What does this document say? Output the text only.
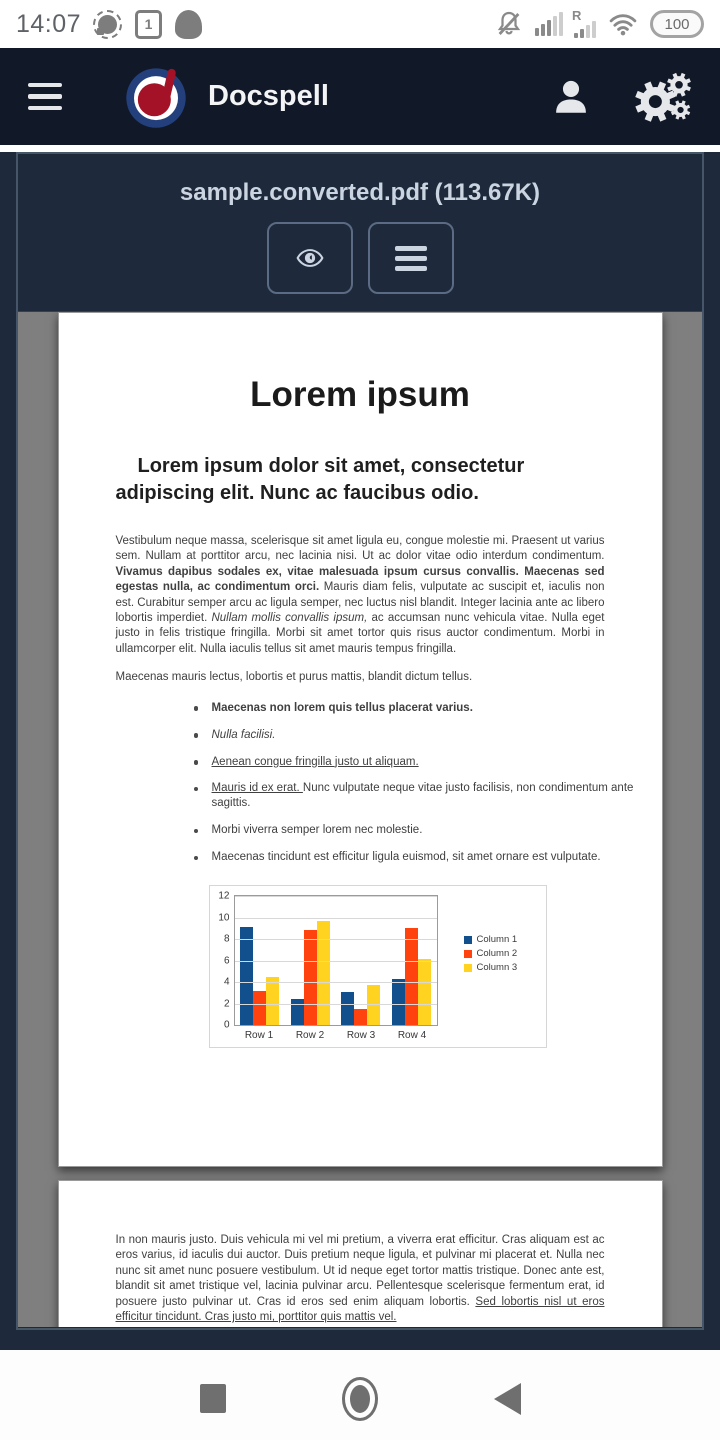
14:07	1
R
100
Docspell
sample.converted.pdf (113.67K)
Lorem ipsum
Lorem ipsum dolor sit amet, consectetur adipiscing elit. Nunc ac faucibus odio.

Vestibulum neque massa, scelerisque sit amet ligula eu, congue molestie mi. Praesent ut varius sem. Nullam at porttitor arcu, nec lacinia nisi. Ut ac dolor vitae odio interdum condimentum. Vivamus dapibus sodales ex, vitae malesuada ipsum cursus convallis. Maecenas sed egestas nulla, ac condimentum orci. Mauris diam felis, vulputate ac suscipit et, iaculis non est. Curabitur semper arcu ac ligula semper, nec luctus nisl blandit. Integer lacinia ante ac libero lobortis imperdiet. Nullam mollis convallis ipsum, ac accumsan nunc vehicula vitae. Nulla eget justo in felis tristique fringilla. Morbi sit amet tortor quis risus auctor condimentum. Morbi in ullamcorper elit. Nulla iaculis tellus sit amet mauris tempus fringilla.

Maecenas mauris lectus, lobortis et purus mattis, blandit dictum tellus.

Maecenas non lorem quis tellus placerat varius.
Nulla facilisi.
Aenean congue fringilla justo ut aliquam.
Mauris id ex erat. Nunc vulputate neque vitae justo facilisis, non condimentum ante sagittis.
Morbi viverra semper lorem nec molestie.
Maecenas tincidunt est efficitur ligula euismod, sit amet ornare est vulputate.
0
2
4
6
8
10
12
Row 1	Row 2	Row 3	Row 4
Column 1
Column 2
Column 3

In non mauris justo. Duis vehicula mi vel mi pretium, a viverra erat efficitur. Cras aliquam est ac eros varius, id iaculis dui auctor. Duis pretium neque ligula, et pulvinar mi placerat et. Nulla nec nunc sit amet nunc posuere vestibulum. Ut id neque eget tortor mattis tristique. Donec ante est, blandit sit amet tristique vel, lacinia pulvinar arcu. Pellentesque scelerisque fermentum erat, id posuere justo pulvinar ut. Cras id eros sed enim aliquam lobortis. Sed lobortis nisl ut eros efficitur tincidunt. Cras justo mi, porttitor quis mattis vel.
